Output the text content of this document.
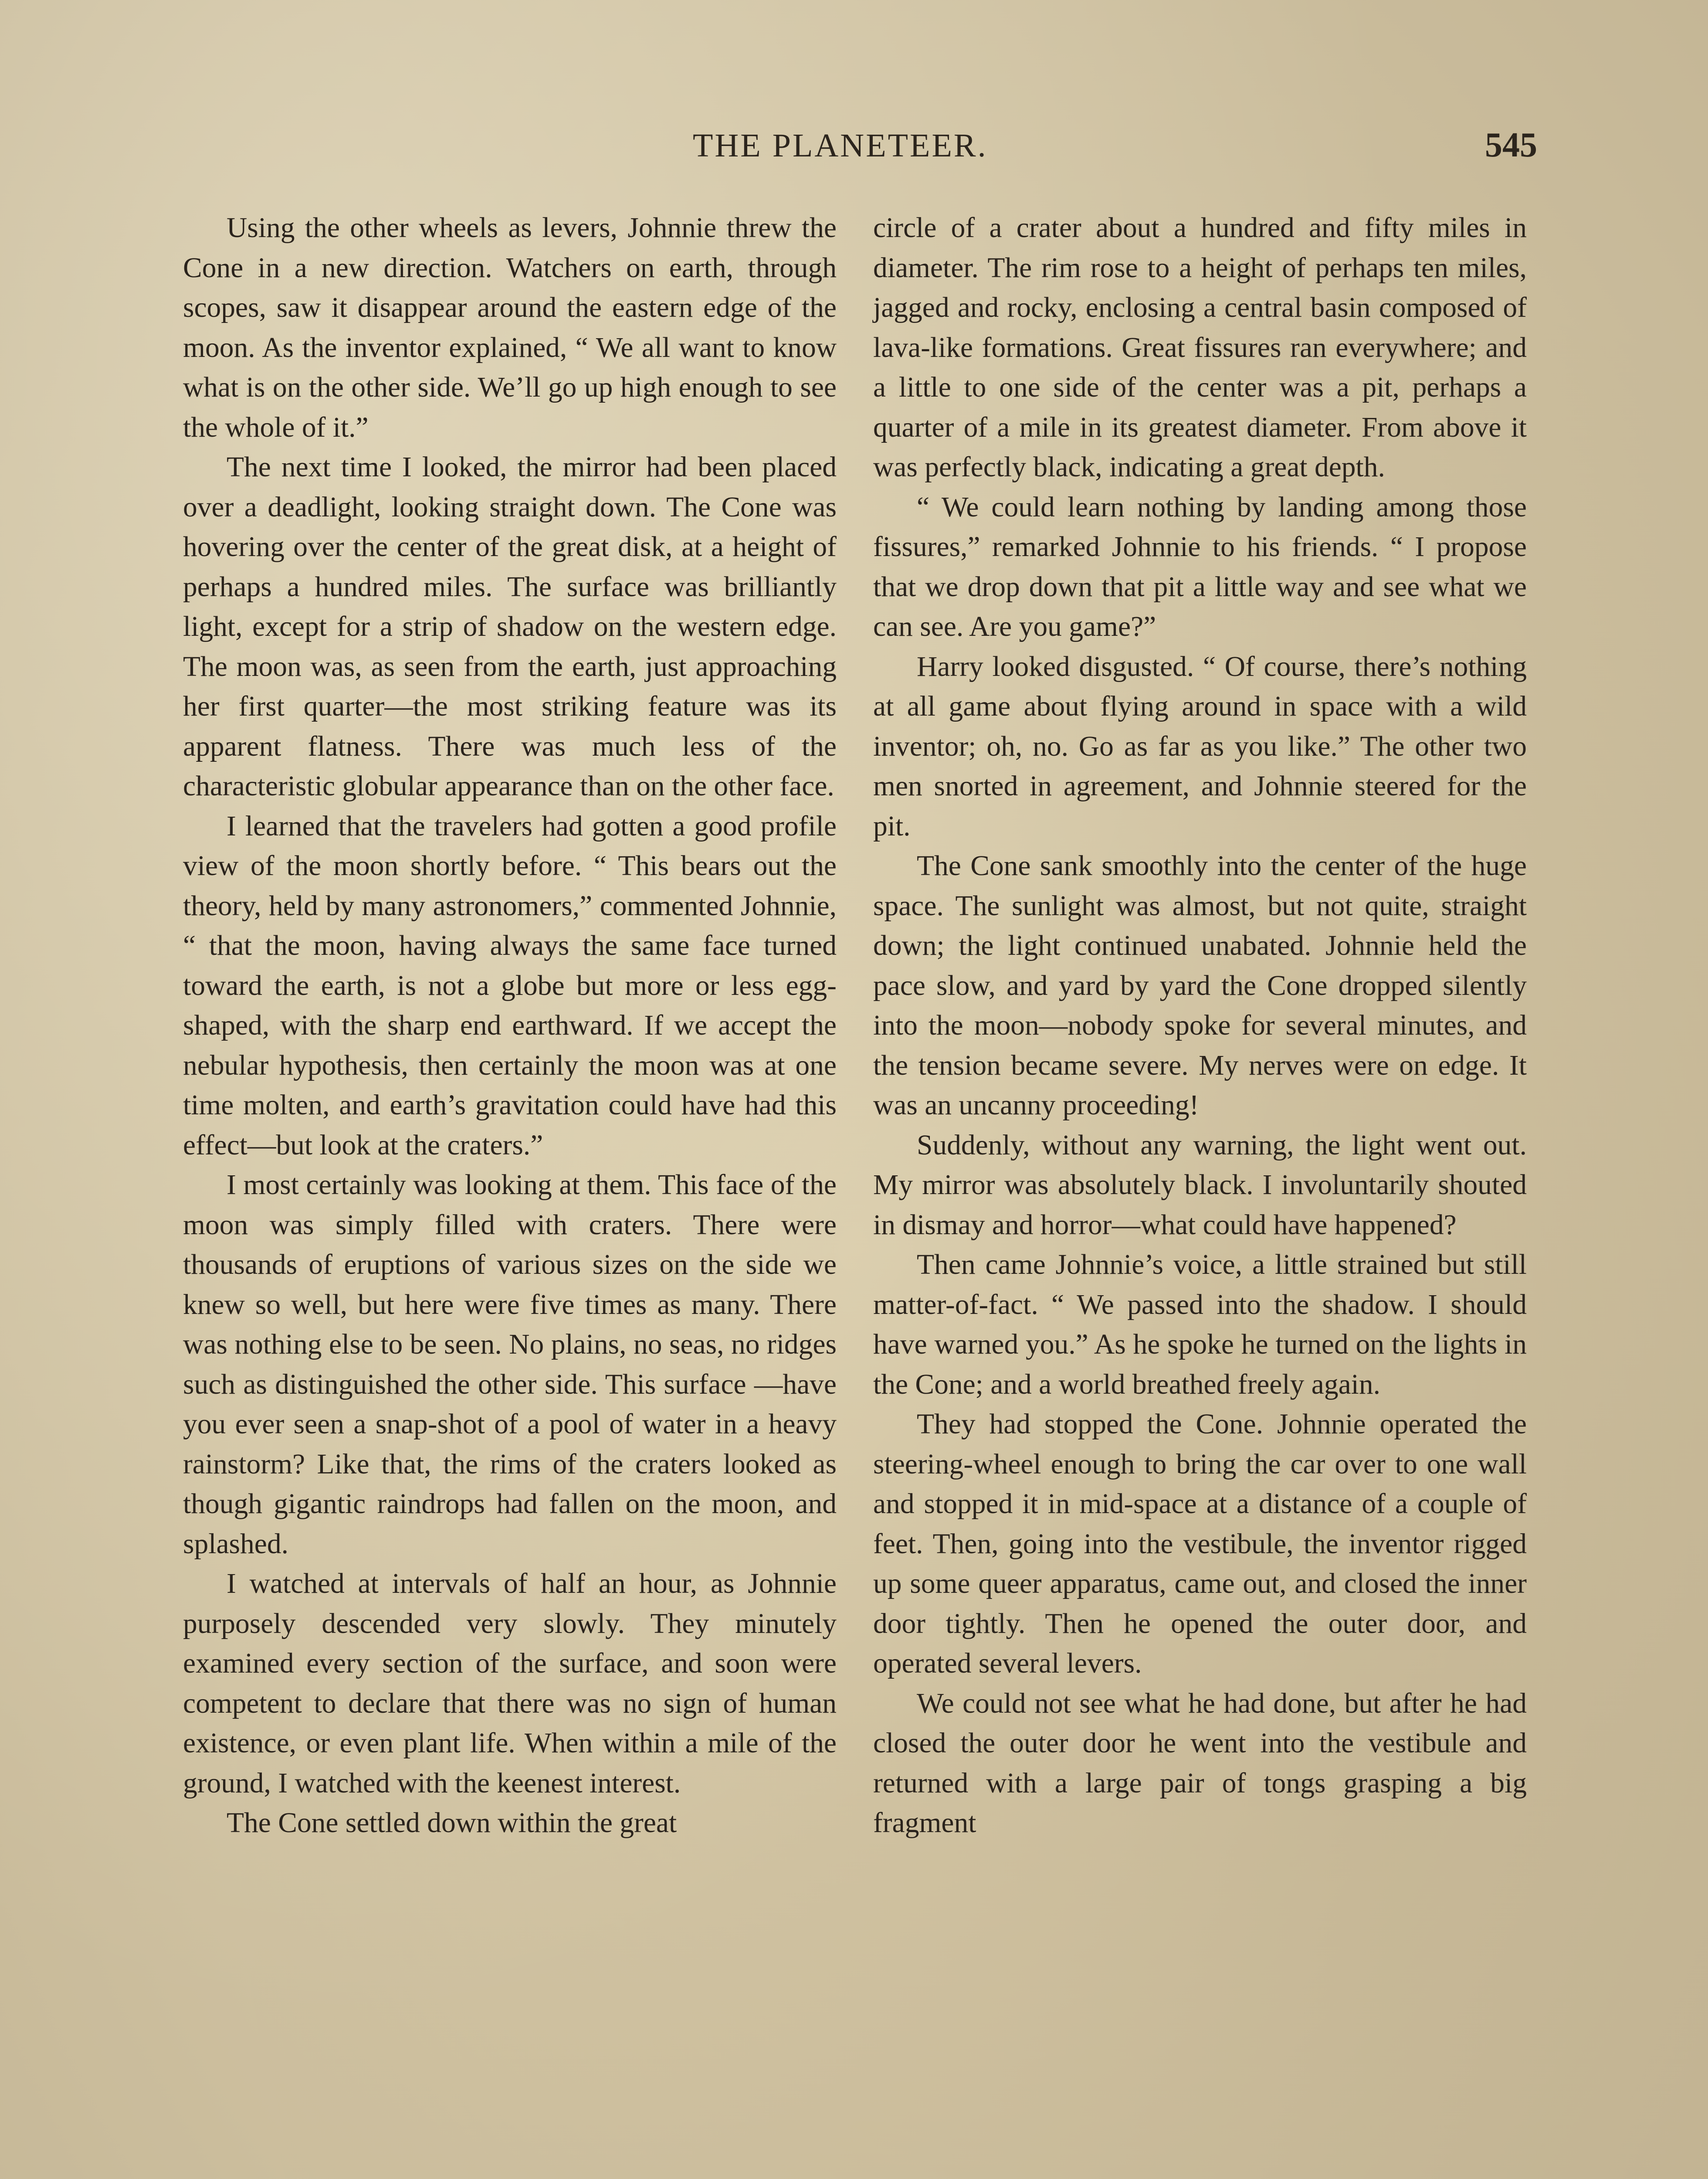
THE PLANETEER.	545

Using the other wheels as levers, Johnnie threw the Cone in a new direction. Watchers on earth, through scopes, saw it disappear around the eastern edge of the moon. As the inventor explained, “ We all want to know what is on the other side. We’ll go up high enough to see the whole of it.”

The next time I looked, the mirror had been placed over a deadlight, looking straight down. The Cone was hovering over the center of the great disk, at a height of perhaps a hundred miles. The surface was brilliantly light, except for a strip of shadow on the western edge. The moon was, as seen from the earth, just approaching her first quarter—the most striking feature was its apparent flatness. There was much less of the characteristic globular appearance than on the other face.

I learned that the travelers had gotten a good profile view of the moon shortly before. “ This bears out the theory, held by many astronomers,” commented Johnnie, “ that the moon, having always the same face turned toward the earth, is not a globe but more or less egg-shaped, with the sharp end earthward. If we accept the nebular hypothesis, then certainly the moon was at one time molten, and earth’s gravitation could have had this effect—but look at the craters.”

I most certainly was looking at them. This face of the moon was simply filled with craters. There were thousands of eruptions of various sizes on the side we knew so well, but here were five times as many. There was nothing else to be seen. No plains, no seas, no ridges such as distinguished the other side. This surface —have you ever seen a snap-shot of a pool of water in a heavy rainstorm? Like that, the rims of the craters looked as though gigantic raindrops had fallen on the moon, and splashed.

I watched at intervals of half an hour, as Johnnie purposely descended very slowly. They minutely examined every section of the surface, and soon were competent to declare that there was no sign of human existence, or even plant life. When within a mile of the ground, I watched with the keenest interest.

The Cone settled down within the great

circle of a crater about a hundred and fifty miles in diameter. The rim rose to a height of perhaps ten miles, jagged and rocky, enclosing a central basin composed of lava-like formations. Great fissures ran everywhere; and a little to one side of the center was a pit, perhaps a quarter of a mile in its greatest diameter. From above it was perfectly black, indicating a great depth.

“ We could learn nothing by landing among those fissures,” remarked Johnnie to his friends. “ I propose that we drop down that pit a little way and see what we can see. Are you game?”

Harry looked disgusted. “ Of course, there’s nothing at all game about flying around in space with a wild inventor; oh, no. Go as far as you like.” The other two men snorted in agreement, and Johnnie steered for the pit.

The Cone sank smoothly into the center of the huge space. The sunlight was almost, but not quite, straight down; the light continued unabated. Johnnie held the pace slow, and yard by yard the Cone dropped silently into the moon—nobody spoke for several minutes, and the tension became severe. My nerves were on edge. It was an uncanny proceeding!

Suddenly, without any warning, the light went out. My mirror was absolutely black. I involuntarily shouted in dismay and horror—what could have happened?

Then came Johnnie’s voice, a little strained but still matter-of-fact. “ We passed into the shadow. I should have warned you.” As he spoke he turned on the lights in the Cone; and a world breathed freely again.

They had stopped the Cone. Johnnie operated the steering-wheel enough to bring the car over to one wall and stopped it in mid-space at a distance of a couple of feet. Then, going into the vestibule, the inventor rigged up some queer apparatus, came out, and closed the inner door tightly. Then he opened the outer door, and operated several levers.

We could not see what he had done, but after he had closed the outer door he went into the vestibule and returned with a large pair of tongs grasping a big fragment
